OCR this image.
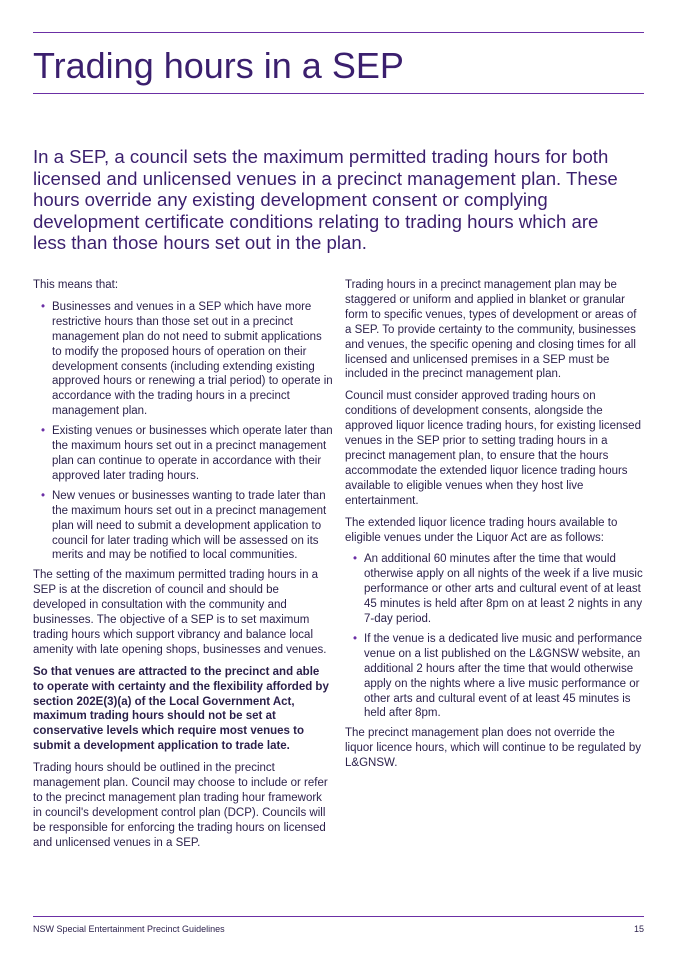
Trading hours in a SEP

In a SEP, a council sets the maximum permitted trading hours for both licensed and unlicensed venues in a precinct management plan. These hours override any existing development consent or complying development certificate conditions relating to trading hours which are less than those hours set out in the plan.

This means that:

• Businesses and venues in a SEP which have more restrictive hours than those set out in a precinct management plan do not need to submit applications to modify the proposed hours of operation on their development consents (including extending existing approved hours or renewing a trial period) to operate in accordance with the trading hours in a precinct management plan.
• Existing venues or businesses which operate later than the maximum hours set out in a precinct management plan can continue to operate in accordance with their approved later trading hours.
• New venues or businesses wanting to trade later than the maximum hours set out in a precinct management plan will need to submit a development application to council for later trading which will be assessed on its merits and may be notified to local communities.

The setting of the maximum permitted trading hours in a SEP is at the discretion of council and should be developed in consultation with the community and businesses. The objective of a SEP is to set maximum trading hours which support vibrancy and balance local amenity with late opening shops, businesses and venues.

So that venues are attracted to the precinct and able to operate with certainty and the flexibility afforded by section 202E(3)(a) of the Local Government Act, maximum trading hours should not be set at conservative levels which require most venues to submit a development application to trade late.

Trading hours should be outlined in the precinct management plan. Council may choose to include or refer to the precinct management plan trading hour framework in council's development control plan (DCP). Councils will be responsible for enforcing the trading hours on licensed and unlicensed venues in a SEP.

Trading hours in a precinct management plan may be staggered or uniform and applied in blanket or granular form to specific venues, types of development or areas of a SEP. To provide certainty to the community, businesses and venues, the specific opening and closing times for all licensed and unlicensed premises in a SEP must be included in the precinct management plan.

Council must consider approved trading hours on conditions of development consents, alongside the approved liquor licence trading hours, for existing licensed venues in the SEP prior to setting trading hours in a precinct management plan, to ensure that the hours accommodate the extended liquor licence trading hours available to eligible venues when they host live entertainment.

The extended liquor licence trading hours available to eligible venues under the Liquor Act are as follows:

• An additional 60 minutes after the time that would otherwise apply on all nights of the week if a live music performance or other arts and cultural event of at least 45 minutes is held after 8pm on at least 2 nights in any 7-day period.
• If the venue is a dedicated live music and performance venue on a list published on the L&GNSW website, an additional 2 hours after the time that would otherwise apply on the nights where a live music performance or other arts and cultural event of at least 45 minutes is held after 8pm.

The precinct management plan does not override the liquor licence hours, which will continue to be regulated by L&GNSW.

NSW Special Entertainment Precinct Guidelines	15
